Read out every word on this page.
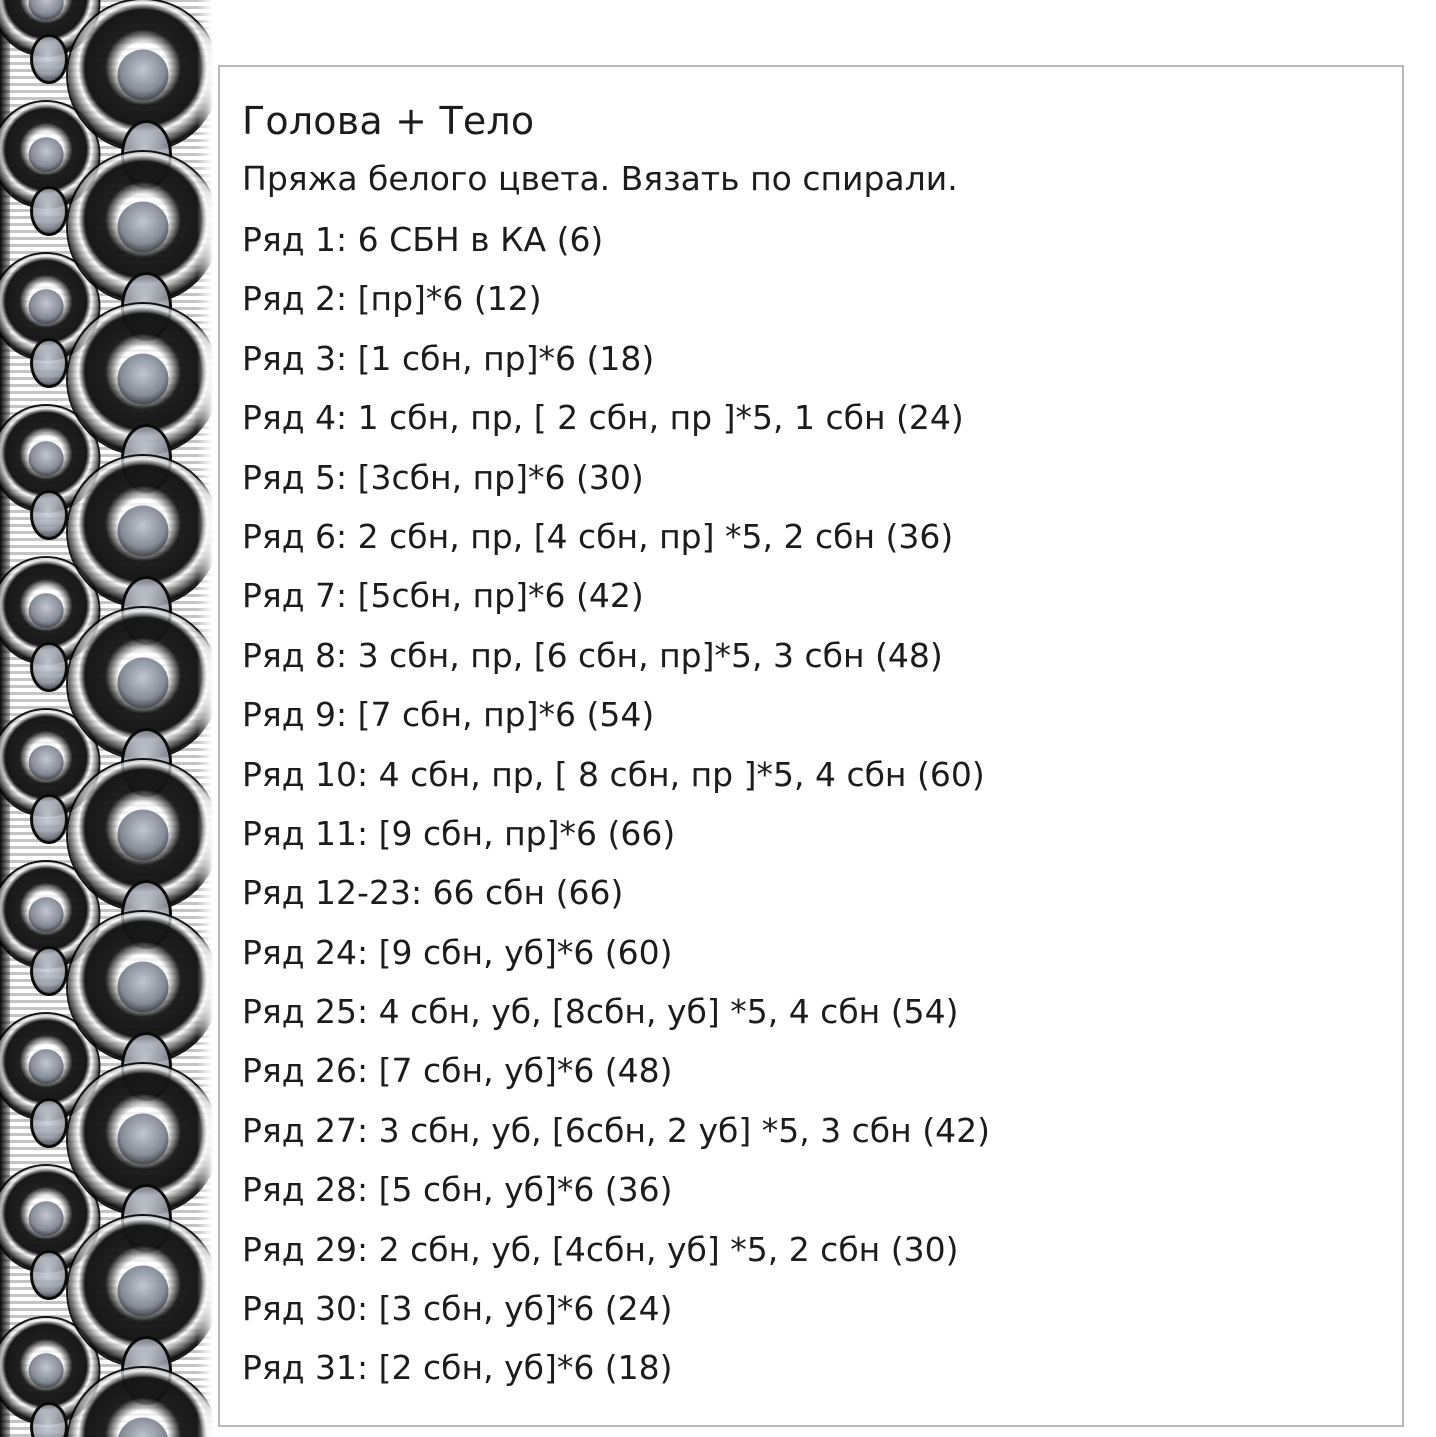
Голова + Тело
Пряжа белого цвета. Вязать по спирали.
Ряд 1: 6 СБН в КА (6)
Ряд 2: [пр]*6 (12)
Ряд 3: [1 сбн, пр]*6 (18)
Ряд 4: 1 сбн, пр, [ 2 сбн, пр ]*5, 1 сбн (24)
Ряд 5: [3сбн, пр]*6 (30)
Ряд 6: 2 сбн, пр, [4 сбн, пр] *5, 2 сбн (36)
Ряд 7: [5сбн, пр]*6 (42)
Ряд 8: 3 сбн, пр, [6 сбн, пр]*5, 3 сбн (48)
Ряд 9: [7 сбн, пр]*6 (54)
Ряд 10: 4 сбн, пр, [ 8 сбн, пр ]*5, 4 сбн (60)
Ряд 11: [9 сбн, пр]*6 (66)
Ряд 12-23: 66 сбн (66)
Ряд 24: [9 сбн, уб]*6 (60)
Ряд 25: 4 сбн, уб, [8сбн, уб] *5, 4 сбн (54)
Ряд 26: [7 сбн, уб]*6 (48)
Ряд 27: 3 сбн, уб, [6сбн, 2 уб] *5, 3 сбн (42)
Ряд 28: [5 сбн, уб]*6 (36)
Ряд 29: 2 сбн, уб, [4сбн, уб] *5, 2 сбн (30)
Ряд 30: [3 сбн, уб]*6 (24)
Ряд 31: [2 сбн, уб]*6 (18)
